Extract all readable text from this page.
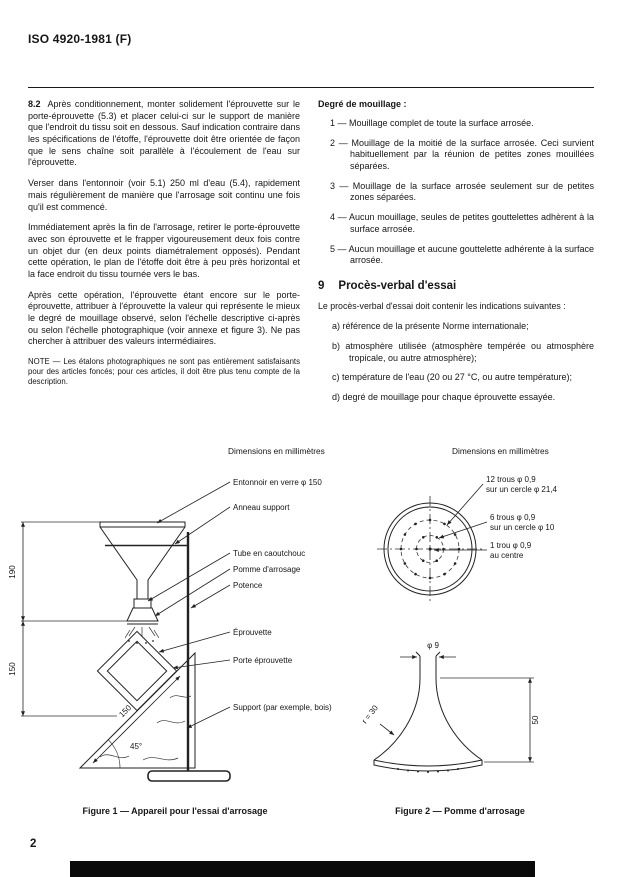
ISO 4920-1981 (F)

8.2 Après conditionnement, monter solidement l'éprouvette sur le porte-éprouvette (5.3) et placer celui-ci sur le support de manière que l'endroit du tissu soit en dessous. Sauf indication contraire dans les spécifications de l'étoffe, l'éprouvette doit être orientée de façon que le sens chaîne soit parallèle à l'écoulement de l'eau sur l'éprouvette.

Verser dans l'entonnoir (voir 5.1) 250 ml d'eau (5.4), rapidement mais régulièrement de manière que l'arrosage soit continu une fois qu'il est commencé.

Immédiatement après la fin de l'arrosage, retirer le porte-éprouvette avec son éprouvette et le frapper vigoureusement deux fois contre un objet dur (en deux points diamétralement opposés). Pendant cette opération, le plan de l'étoffe doit être à peu près horizontal et la face endroit du tissu tournée vers le bas.

Après cette opération, l'éprouvette étant encore sur le porte-éprouvette, attribuer à l'éprouvette la valeur qui représente le mieux le degré de mouillage observé, selon l'échelle descriptive ci-après ou selon l'échelle photographique (voir annexe et figure 3). Ne pas chercher à attribuer des valeurs intermédiaires.

NOTE — Les étalons photographiques ne sont pas entièrement satisfaisants pour des articles foncés; pour ces articles, il doit être plus tenu compte de la description.

Degré de mouillage :

1 — Mouillage complet de toute la surface arrosée.

2 — Mouillage de la moitié de la surface arrosée. Ceci survient habituellement par la réunion de petites zones mouillées séparées.

3 — Mouillage de la surface arrosée seulement sur de petites zones séparées.

4 — Aucun mouillage, seules de petites gouttelettes adhèrent à la surface arrosée.

5 — Aucun mouillage et aucune gouttelette adhérente à la surface arrosée.

9 Procès-verbal d'essai

Le procès-verbal d'essai doit contenir les indications suivantes :

a) référence de la présente Norme internationale;

b) atmosphère utilisée (atmosphère tempérée ou atmosphère tropicale, ou autre atmosphère);

c) température de l'eau (20 ou 27 °C, ou autre température);

d) degré de mouillage pour chaque éprouvette essayée.

Dimensions en millimètres	Dimensions en millimètres
190
150
150
45°
Entonnoir en verre φ 150
Anneau support
Tube en caoutchouc
Pomme d'arrosage
Potence
Éprouvette
Porte éprouvette
Support (par exemple, bois)
12 trous φ 0,9
sur un cercle φ 21,4
6 trous φ 0,9
sur un cercle φ 10
1 trou φ 0,9
au centre
φ 9
50
r = 30
Figure 1 — Appareil pour l'essai d'arrosage	Figure 2 — Pomme d'arrosage
2
